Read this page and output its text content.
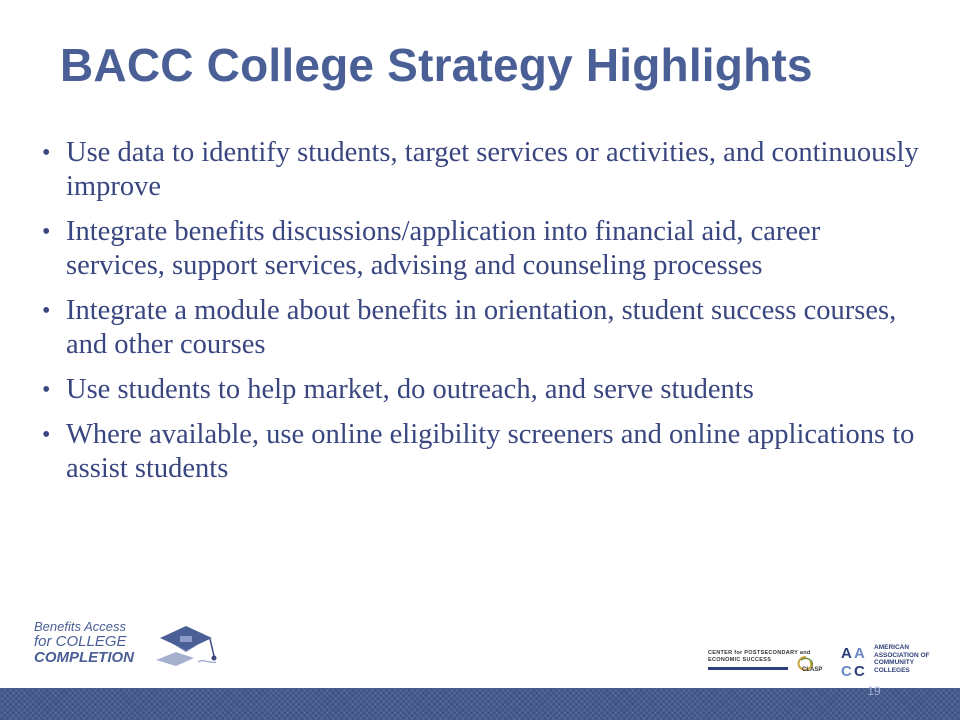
BACC College Strategy Highlights
• Use data to identify students, target services or activities, and continuously improve
• Integrate benefits discussions/application into financial aid, career services, support services, advising and counseling processes
• Integrate a module about benefits in orientation, student success courses, and other courses
• Use students to help market, do outreach, and serve students
• Where available, use online eligibility screeners and online applications to assist students
Benefits Access
for COLLEGE
COMPLETION	CENTER for POSTSECONDARY and
ECONOMIC SUCCESS
CLASP
A A
C C
AMERICAN
ASSOCIATION OF
COMMUNITY
COLLEGES
19
